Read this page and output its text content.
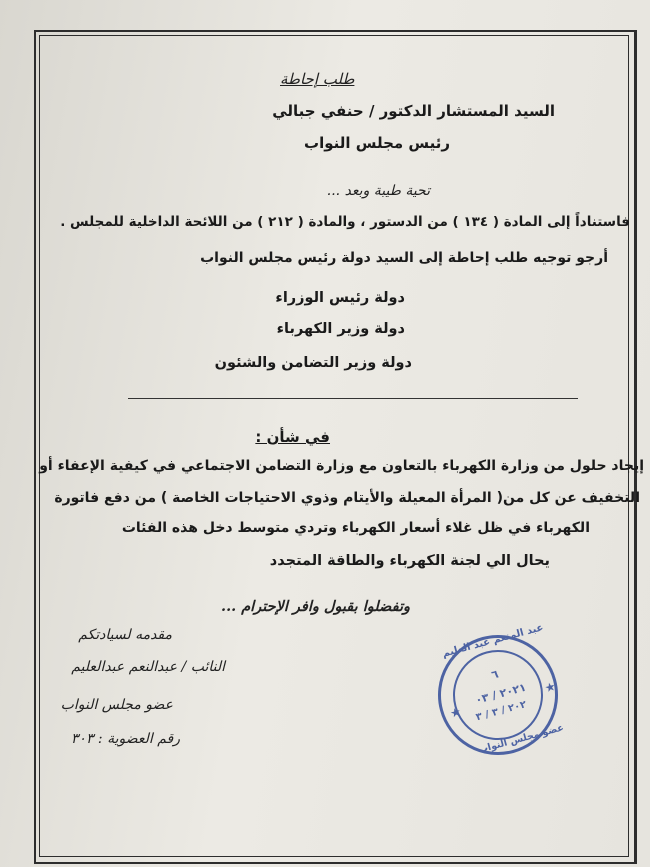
طلب إحاطة
السيد المستشار الدكتور / حنفي جبالي
رئيس مجلس النواب
تحية طيبة وبعد ...
فاستناداً إلى المادة ( ١٣٤ ) من الدستور ، والمادة ( ٢١٢ ) من اللائحة الداخلية للمجلس .
أرجو توجيه طلب إحاطة إلى السيد دولة رئيس مجلس النواب
دولة رئيس الوزراء
دولة وزير الكهرباء
دولة وزير التضامن والشئون
في شأن :
إيجاد حلول من وزارة الكهرباء بالتعاون مع وزارة التضامن الاجتماعي في كيفية الإعفاء أو
التخفيف عن كل من( المرأة المعيلة والأيتام وذوي الاحتياجات الخاصة ) من دفع فاتورة
الكهرباء في ظل غلاء أسعار الكهرباء وتردي متوسط دخل هذه الفئات
يحال الي لجنة الكهرباء والطاقة المتجدد
وتفضلوا بقبول وافر الإحترام ...
مقدمه لسيادتكم
النائب / عبدالنعم عبدالعليم
عضو مجلس النواب
رقم العضوية : ٣٠٣
عبد المنعم عبد العليم
٦
٢٠٢١ / ٠٣
٢٠٢ / ٣ / ٣
عضو مجلس النواب
★
★
